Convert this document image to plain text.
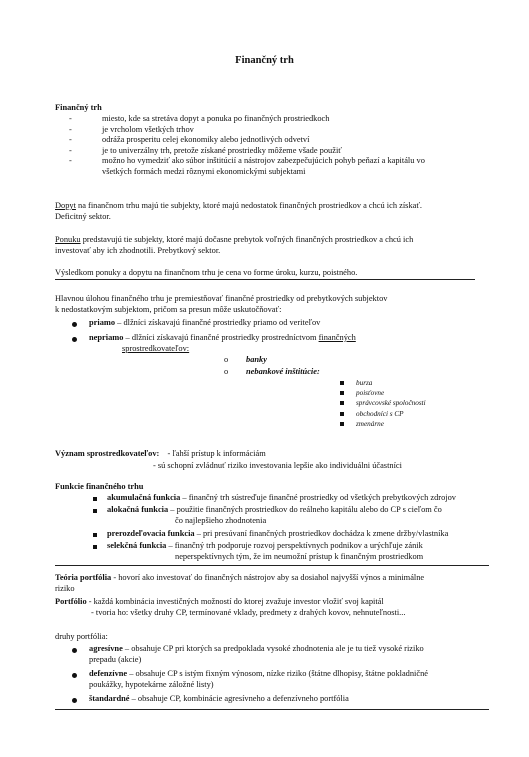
Finančný trh
Finančný trh
-	miesto, kde sa stretáva dopyt a ponuka po finančných prostriedkoch
-	je vrcholom všetkých trhov
-	odráža prosperitu celej ekonomiky alebo jednotlivých odvetví
-	je to univerzálny trh, pretože získané prostriedky môžeme všade použiť
-	možno ho vymedziť ako súbor inštitúcií a nástrojov zabezpečujúcich pohyb peňazí a kapitálu vo
všetkých formách medzi rôznymi ekonomickými subjektami
Dopyt na finančnom trhu majú tie subjekty, ktoré majú nedostatok finančných prostriedkov a chcú ich získať.
Deficitný sektor.
Ponuku predstavujú tie subjekty, ktoré majú dočasne prebytok voľných finančných prostriedkov a chcú ich
investovať aby ich zhodnotili. Prebytkový sektor.
Výsledkom ponuky a dopytu na finančnom trhu je cena vo forme úroku, kurzu, poistného.
Hlavnou úlohou finančného trhu je premiestňovať finančné prostriedky od prebytkových subjektov
k nedostatkovým subjektom, pričom sa presun môže uskutočňovať:
priamo – dlžníci získavajú finančné prostriedky priamo od veriteľov
nepriamo – dlžníci získavajú finančné prostriedky prostredníctvom finančných
sprostredkovateľov:
o banky
o nebankové inštitúcie:
burza
poisťovne
správcovské spoločnosti
obchodníci s CP
zmenárne
Význam sprostredkovateľov: - ľahší prístup k informáciám
- sú schopní zvládnuť riziko investovania lepšie ako individuálni účastníci
Funkcie finančného trhu
akumulačná funkcia – finančný trh sústreďuje finančné prostriedky od všetkých prebytkových zdrojov
alokačná funkcia – použitie finančných prostriedkov do reálneho kapitálu alebo do CP s cieľom čo
čo najlepšieho zhodnotenia
prerozdeľovacia funkcia – pri presúvaní finančných prostriedkov dochádza k zmene držby/vlastníka
selekčná funkcia – finančný trh podporuje rozvoj perspektívnych podnikov a urýchľuje zánik
neperspektívnych tým, že im neumožní prístup k finančným prostriedkom
Teória portfólia - hovorí ako investovať do finančných nástrojov aby sa dosiahol najvyšší výnos a minimálne
riziko
Portfólio - každá kombinácia investičných možností do ktorej zvažuje investor vložiť svoj kapitál
- tvoria ho: všetky druhy CP, termínované vklady, predmety z drahých kovov, nehnuteľnosti...
druhy portfólia:
agresívne – obsahuje CP pri ktorých sa predpoklada vysoké zhodnotenia ale je tu tiež vysoké riziko
prepadu (akcie)
defenzívne – obsahuje CP s istým fixným výnosom, nízke riziko (štátne dlhopisy, štátne pokladničné
poukážky, hypotekárne záložné listy)
štandardné – obsahuje CP, kombinácie agresívneho a defenzívneho portfólia
